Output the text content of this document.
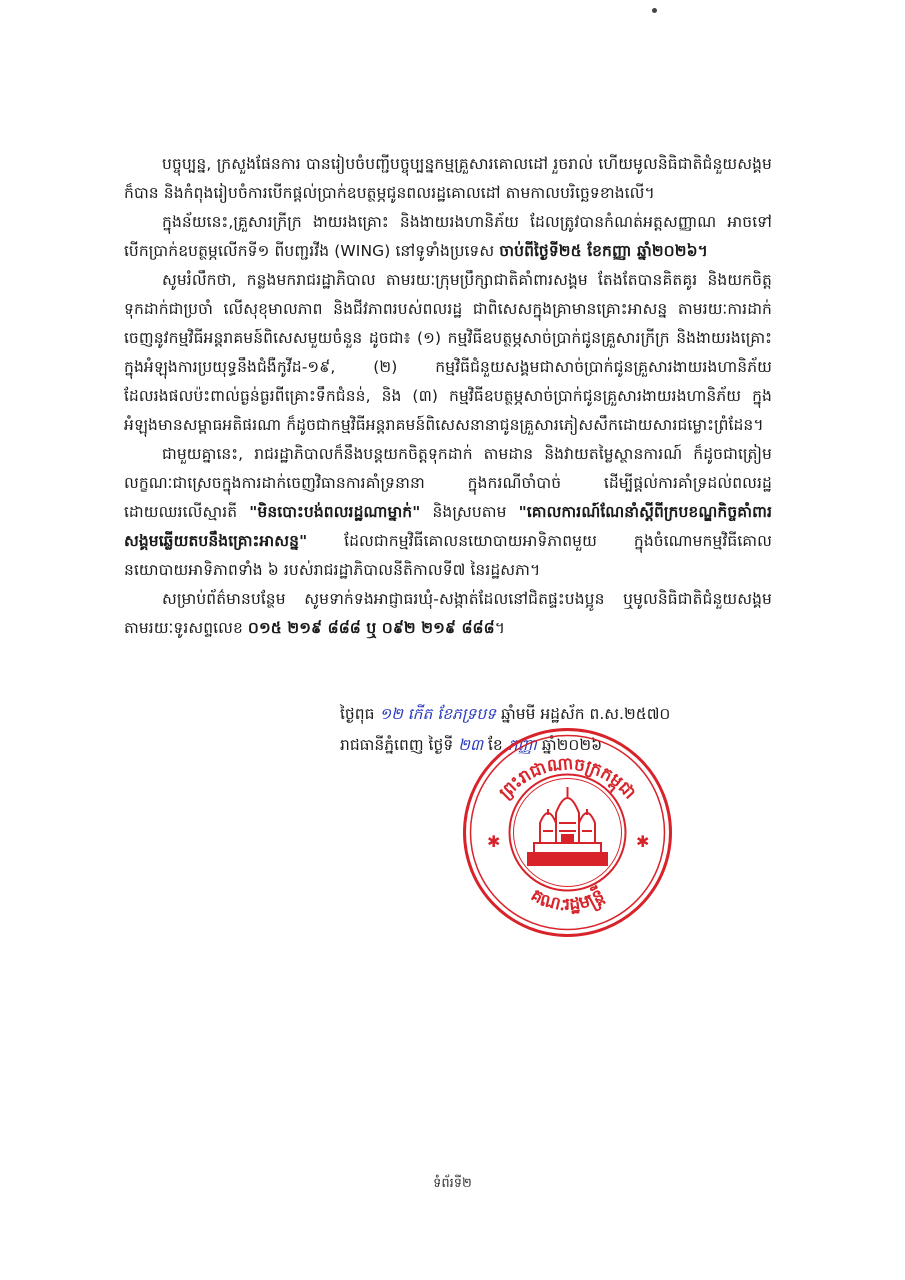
បច្ចុប្បន្ន, ក្រសួងផែនការ បានរៀបចំបញ្ជីបច្ចុប្បន្នកម្មគ្រួសារគោលដៅ រួចរាល់ ហើយមូលនិធិជាតិជំនួយសង្គម ក៏បាន និងកំពុងរៀបចំការបើកផ្តល់ប្រាក់ឧបត្ថម្ភជូនពលរដ្ឋគោលដៅ តាមកាលបរិច្ឆេទខាងលើ។

ក្នុងន័យនេះ,គ្រួសារក្រីក្រ ងាយរងគ្រោះ និងងាយរងហានិភ័យ ដែលត្រូវបានកំណត់អត្តសញ្ញាណ អាចទៅបើកប្រាក់ឧបត្ថម្ភលើកទី១ ពីបញ្ជរវីង (WING) នៅទូទាំងប្រទេស ចាប់ពីថ្ងៃទី២៥ ខែកញ្ញា ឆ្នាំ២០២៦។

សូមរំលឹកថា, កន្លងមករាជរដ្ឋាភិបាល តាមរយៈក្រុមប្រឹក្សាជាតិគាំពារសង្គម តែងតែបានគិតគូរ និងយកចិត្តទុកដាក់ជាប្រចាំ លើសុខុមាលភាព និងជីវភាពរបស់ពលរដ្ឋ ជាពិសេសក្នុងគ្រាមានគ្រោះអាសន្ន តាមរយៈការដាក់ចេញនូវកម្មវិធីអន្តរាគមន៍ពិសេសមួយចំនួន ដូចជា៖ (១) កម្មវិធីឧបត្ថម្ភសាច់ប្រាក់ជូនគ្រួសារក្រីក្រ និងងាយរងគ្រោះ ក្នុងអំឡុងការប្រយុទ្ធនឹងជំងឺកូវីដ-១៩, (២) កម្មវិធីជំនួយសង្គមជាសាច់ប្រាក់ជូនគ្រួសារងាយរងហានិភ័យ ដែលរងផលប៉ះពាល់ធ្ងន់ធ្ងរពីគ្រោះទឹកជំនន់, និង (៣) កម្មវិធីឧបត្ថម្ភសាច់ប្រាក់ជូនគ្រួសារងាយរងហានិភ័យ ក្នុងអំឡុងមានសម្ពាធអតិផរណា ក៏ដូចជាកម្មវិធីអន្តរាគមន៍ពិសេសនានាជូនគ្រួសារភៀសសឹកដោយសារជម្លោះព្រំដែន។

ជាមួយគ្នានេះ, រាជរដ្ឋាភិបាលក៏នឹងបន្តយកចិត្តទុកដាក់ តាមដាន និងវាយតម្លៃស្ថានការណ៍ ក៏ដូចជាត្រៀមលក្ខណៈជាស្រេចក្នុងការដាក់ចេញវិធានការគាំទ្រនានា ក្នុងករណីចាំបាច់ ដើម្បីផ្តល់ការគាំទ្រដល់ពលរដ្ឋ ដោយឈរលើស្មារតី "មិនបោះបង់ពលរដ្ឋណាម្នាក់" និងស្របតាម "គោលការណ៍ណែនាំស្តីពីក្របខណ្ឌកិច្ចគាំពារសង្គមឆ្លើយតបនឹងគ្រោះអាសន្ន" ដែលជាកម្មវិធីគោលនយោបាយអាទិភាពមួយ ក្នុងចំណោមកម្មវិធីគោលនយោបាយអាទិភាពទាំង ៦ របស់រាជរដ្ឋាភិបាលនីតិកាលទី៧ នៃរដ្ឋសភា។

សម្រាប់ព័ត៌មានបន្ថែម សូមទាក់ទងអាជ្ញាធរឃុំ-សង្កាត់ដែលនៅជិតផ្ទះបងប្អូន ឬមូលនិធិជាតិជំនួយសង្គម តាមរយៈទូរសព្ទលេខ ០១៥ ២១៩ ៨៨៨ ឬ ០៩២ ២១៩ ៨៨៨។

ថ្ងៃពុធ ១២ កើត ខែភទ្របទ ឆ្នាំមមី អដ្ឋស័ក ព.ស.២៥៧០
រាជធានីភ្នំពេញ ថ្ងៃទី ២៣ ខែ កញ្ញា ឆ្នាំ២០២៦
ព្រះរាជាណាចក្រកម្ពុជា
គណៈរដ្ឋមន្ត្រី
✱	✱
ទំព័រទី២
